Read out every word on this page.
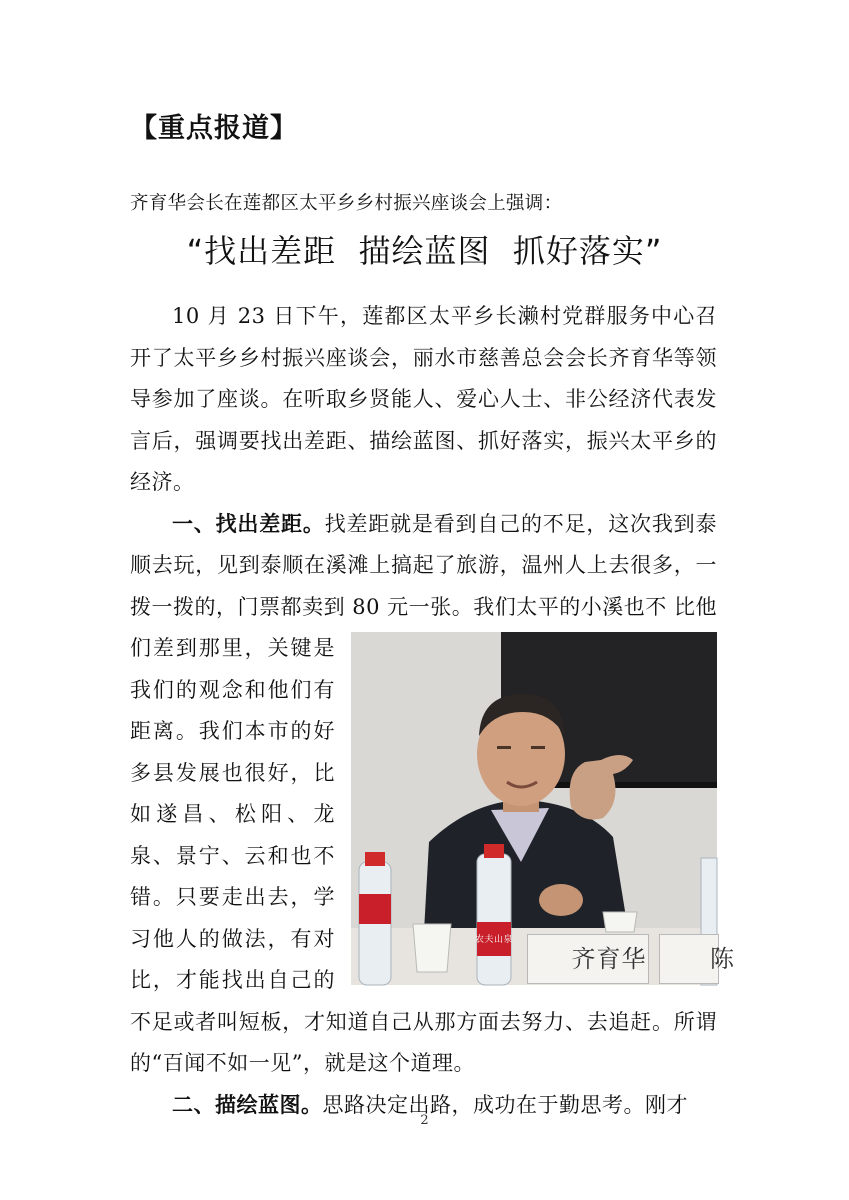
【重点报道】
齐育华会长在莲都区太平乡乡村振兴座谈会上强调：
“找出差距  描绘蓝图  抓好落实”

10 月 23 日下午，莲都区太平乡长濑村党群服务中心召开了太平乡乡村振兴座谈会，丽水市慈善总会会长齐育华等领导参加了座谈。在听取乡贤能人、爱心人士、非公经济代表发言后，强调要找出差距、描绘蓝图、抓好落实，振兴太平乡的经济。

一、找出差距。找差距就是看到自己的不足，这次我到泰顺去玩，见到泰顺在溪滩上搞起了旅游，温州人上去很多，一拨一拨的，门票都卖到 80 元一张。我们太平的小溪也不
农夫山泉
齐育华	陈
比他们差到那里，关键是我们的观念和他们有距离。我们本市的好多县发展也很好，比如遂昌、松阳、龙泉、景宁、云和也不错。只要走出去，学习他人的做法，有对比，才能找出自己的不足或者叫短板，才知道自己从那方面去努力、去追赶。所谓的“百闻不如一见”，就是这个道理。

二、描绘蓝图。思路决定出路，成功在于勤思考。刚才

2
